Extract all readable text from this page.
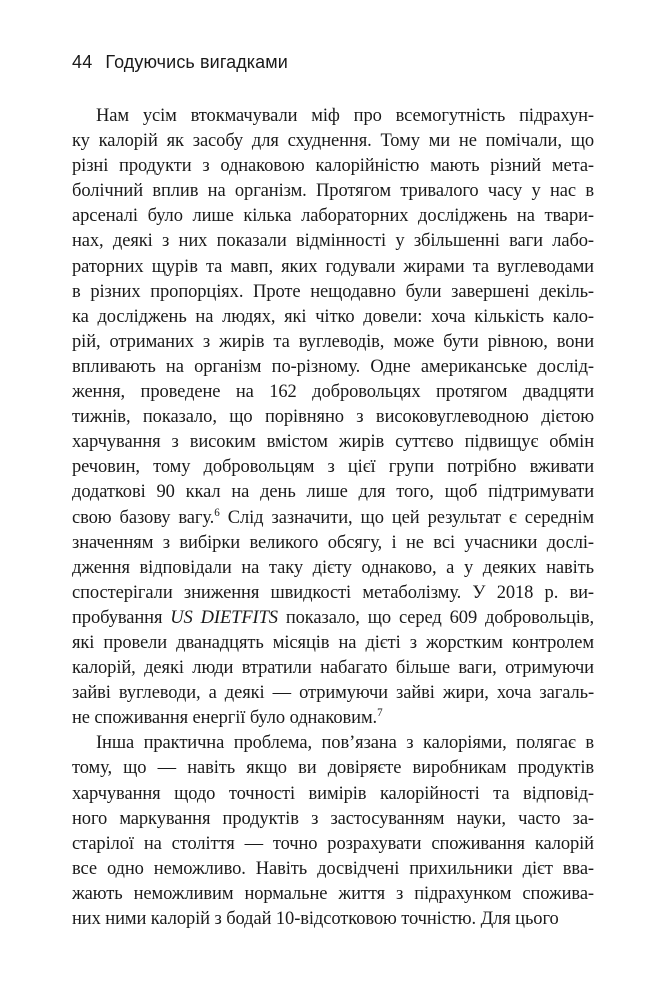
44 Годуючись вигадками
Нам усім втокмачували міф про всемогутність підрахун-
ку калорій як засобу для схуднення. Тому ми не помічали, що
різні продукти з однаковою калорійністю мають різний мета-
болічний вплив на організм. Протягом тривалого часу у нас в
арсеналі було лише кілька лабораторних досліджень на твари-
нах, деякі з них показали відмінності у збільшенні ваги лабо-
раторних щурів та мавп, яких годували жирами та вуглеводами
в різних пропорціях. Проте нещодавно були завершені декіль-
ка досліджень на людях, які чітко довели: хоча кількість кало-
рій, отриманих з жирів та вуглеводів, може бути рівною, вони
впливають на організм по-різному. Одне американське дослід-
ження, проведене на 162 добровольцях протягом двадцяти
тижнів, показало, що порівняно з високовуглеводною дієтою
харчування з високим вмістом жирів суттєво підвищує обмін
речовин, тому добровольцям з цієї групи потрібно вживати
додаткові 90 ккал на день лише для того, щоб підтримувати
свою базову вагу.$^6$ Слід зазначити, що цей результат є середнім
значенням з вибірки великого обсягу, і не всі учасники дослі-
дження відповідали на таку дієту однаково, а у деяких навіть
спостерігали зниження швидкості метаболізму. У 2018 р. ви-
пробування US DIETFITS показало, що серед 609 добровольців,
які провели дванадцять місяців на дієті з жорстким контролем
калорій, деякі люди втратили набагато більше ваги, отримуючи
зайві вуглеводи, а деякі — отримуючи зайві жири, хоча загаль-
не споживання енергії було однаковим.$^7$
Інша практична проблема, пов’язана з калоріями, полягає в
тому, що — навіть якщо ви довіряєте виробникам продуктів
харчування щодо точності вимірів калорійності та відповід-
ного маркування продуктів з застосуванням науки, часто за-
старілої на століття — точно розрахувати споживання калорій
все одно неможливо. Навіть досвідчені прихильники дієт вва-
жають неможливим нормальне життя з підрахунком спожива-
них ними калорій з бодай 10-відсотковою точністю. Для цього
